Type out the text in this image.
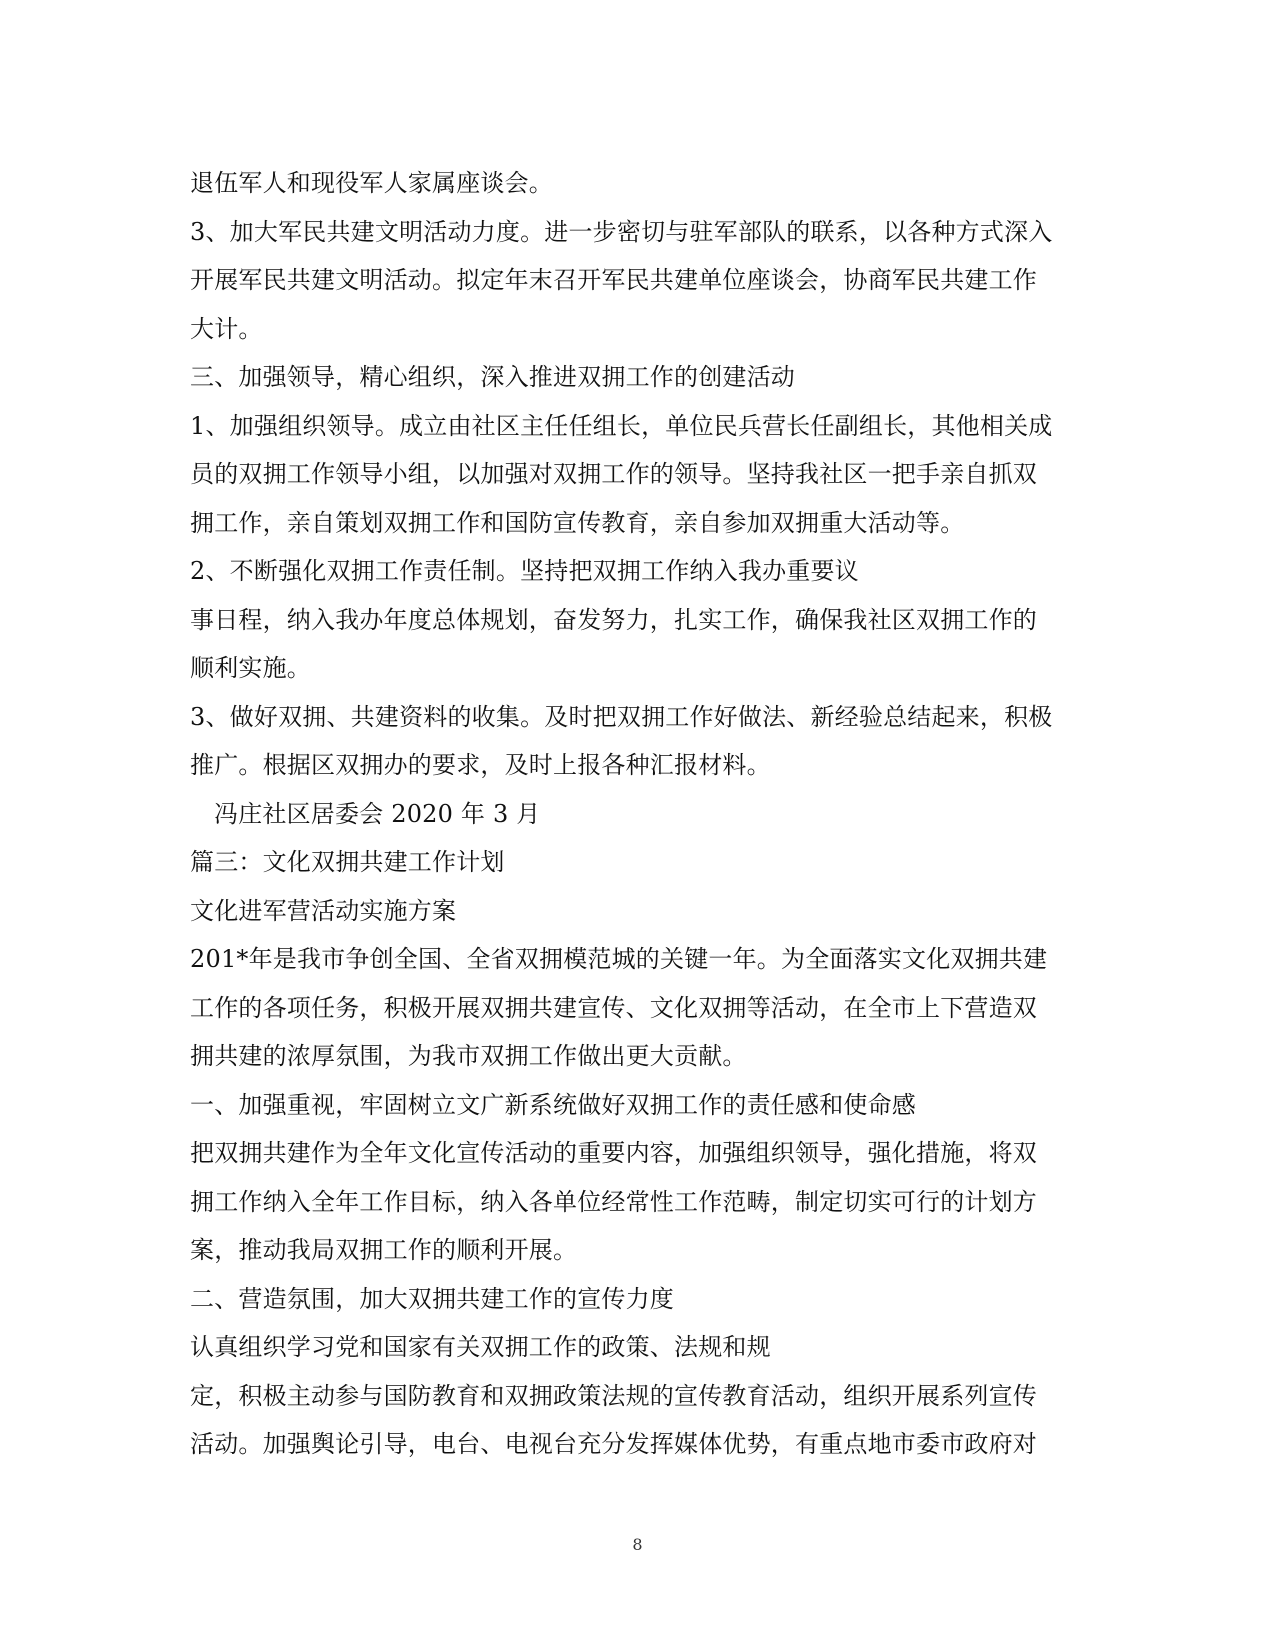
退伍军人和现役军人家属座谈会。
3、加大军民共建文明活动力度。进一步密切与驻军部队的联系，以各种方式深入
开展军民共建文明活动。拟定年末召开军民共建单位座谈会，协商军民共建工作
大计。
三、加强领导，精心组织，深入推进双拥工作的创建活动
1、加强组织领导。成立由社区主任任组长，单位民兵营长任副组长，其他相关成
员的双拥工作领导小组，以加强对双拥工作的领导。坚持我社区一把手亲自抓双
拥工作，亲自策划双拥工作和国防宣传教育，亲自参加双拥重大活动等。
2、不断强化双拥工作责任制。坚持把双拥工作纳入我办重要议
事日程，纳入我办年度总体规划，奋发努力，扎实工作，确保我社区双拥工作的
顺利实施。
3、做好双拥、共建资料的收集。及时把双拥工作好做法、新经验总结起来，积极
推广。根据区双拥办的要求，及时上报各种汇报材料。
冯庄社区居委会 2020 年 3 月
篇三：文化双拥共建工作计划
文化进军营活动实施方案
201*年是我市争创全国、全省双拥模范城的关键一年。为全面落实文化双拥共建
工作的各项任务，积极开展双拥共建宣传、文化双拥等活动，在全市上下营造双
拥共建的浓厚氛围，为我市双拥工作做出更大贡献。
一、加强重视，牢固树立文广新系统做好双拥工作的责任感和使命感
把双拥共建作为全年文化宣传活动的重要内容，加强组织领导，强化措施，将双
拥工作纳入全年工作目标，纳入各单位经常性工作范畴，制定切实可行的计划方
案，推动我局双拥工作的顺利开展。
二、营造氛围，加大双拥共建工作的宣传力度
认真组织学习党和国家有关双拥工作的政策、法规和规
定，积极主动参与国防教育和双拥政策法规的宣传教育活动，组织开展系列宣传
活动。加强舆论引导，电台、电视台充分发挥媒体优势，有重点地市委市政府对
8
